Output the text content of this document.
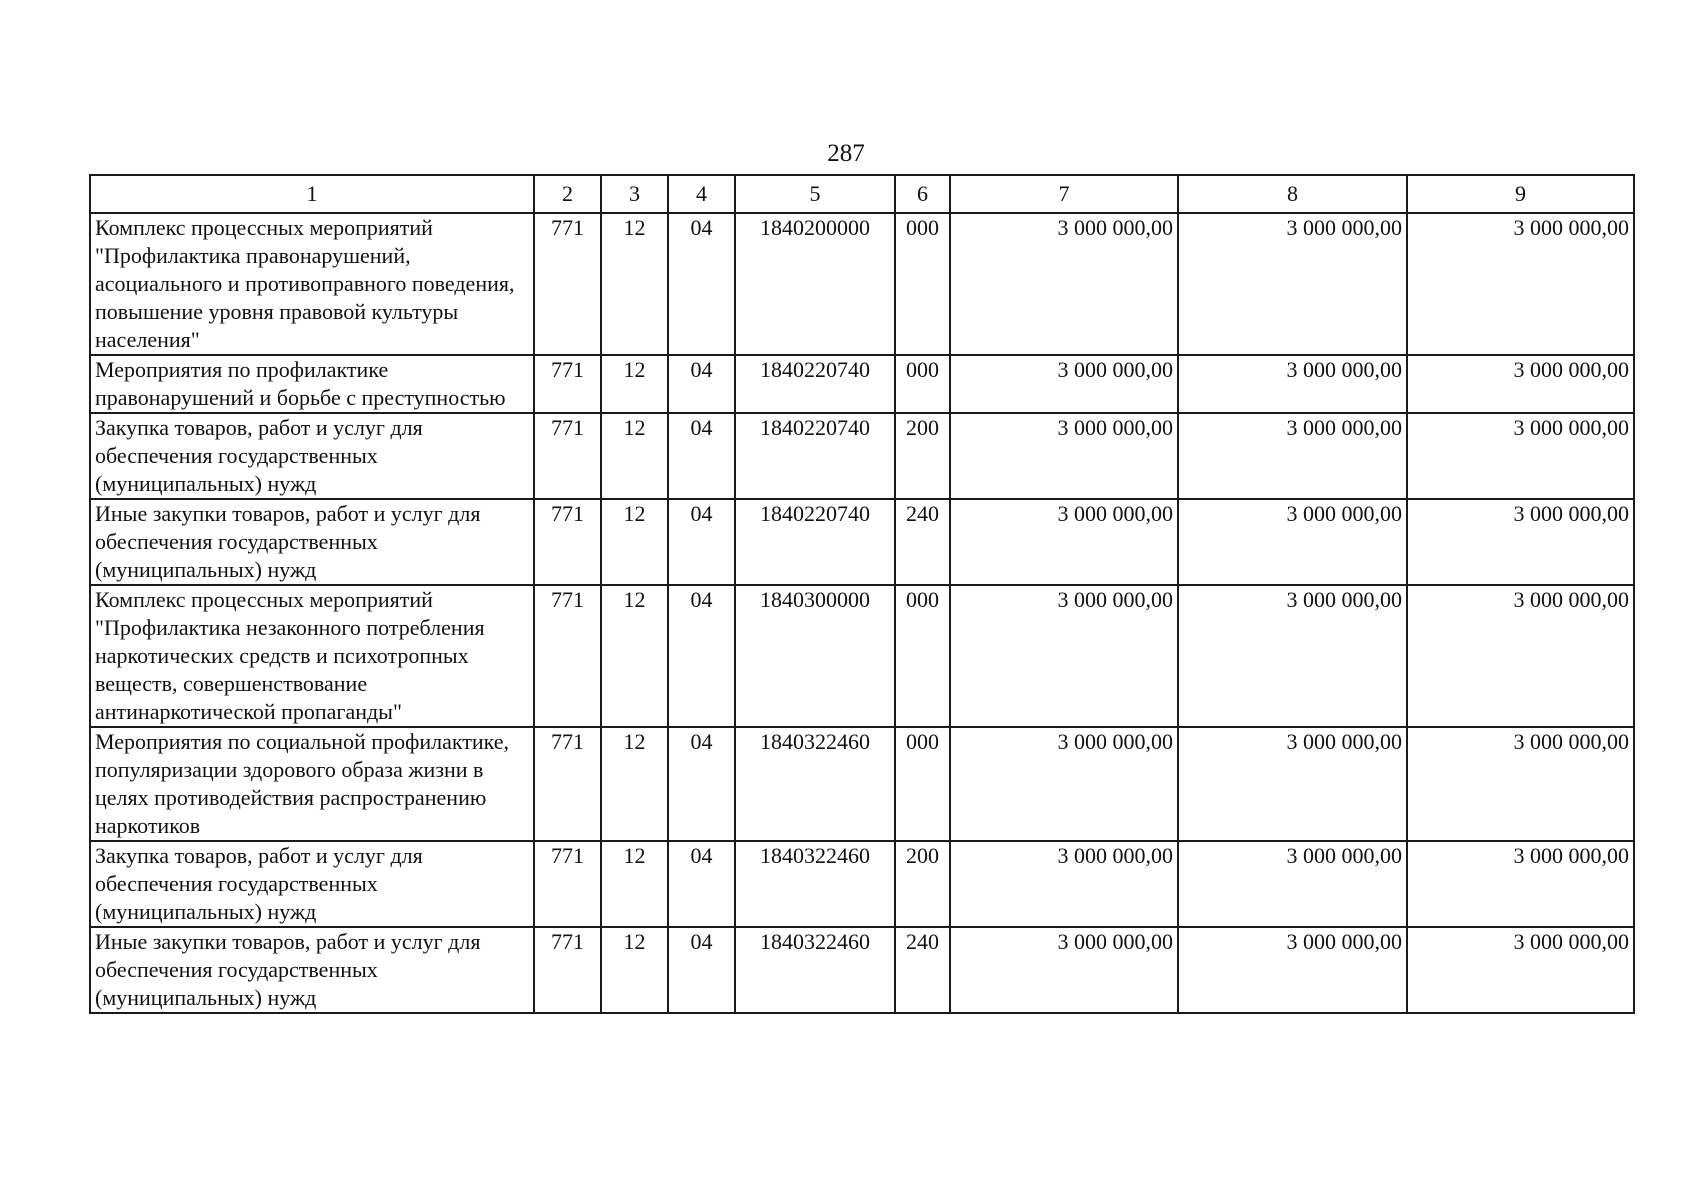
287
1	2	3	4	5	6	7	8	9
Комплекс процессных мероприятий "Профилактика правонарушений, асоциального и противоправного поведения, повышение уровня правовой культуры населения"	771	12	04	1840200000	000	3 000 000,00	3 000 000,00	3 000 000,00
Мероприятия по профилактике правонарушений и борьбе с преступностью	771	12	04	1840220740	000	3 000 000,00	3 000 000,00	3 000 000,00
Закупка товаров, работ и услуг для обеспечения государственных (муниципальных) нужд	771	12	04	1840220740	200	3 000 000,00	3 000 000,00	3 000 000,00
Иные закупки товаров, работ и услуг для обеспечения государственных (муниципальных) нужд	771	12	04	1840220740	240	3 000 000,00	3 000 000,00	3 000 000,00
Комплекс процессных мероприятий "Профилактика незаконного потребления наркотических средств и психотропных веществ, совершенствование антинаркотической пропаганды"	771	12	04	1840300000	000	3 000 000,00	3 000 000,00	3 000 000,00
Мероприятия по социальной профилактике, популяризации здорового образа жизни в целях противодействия распространению наркотиков	771	12	04	1840322460	000	3 000 000,00	3 000 000,00	3 000 000,00
Закупка товаров, работ и услуг для обеспечения государственных (муниципальных) нужд	771	12	04	1840322460	200	3 000 000,00	3 000 000,00	3 000 000,00
Иные закупки товаров, работ и услуг для обеспечения государственных (муниципальных) нужд	771	12	04	1840322460	240	3 000 000,00	3 000 000,00	3 000 000,00
